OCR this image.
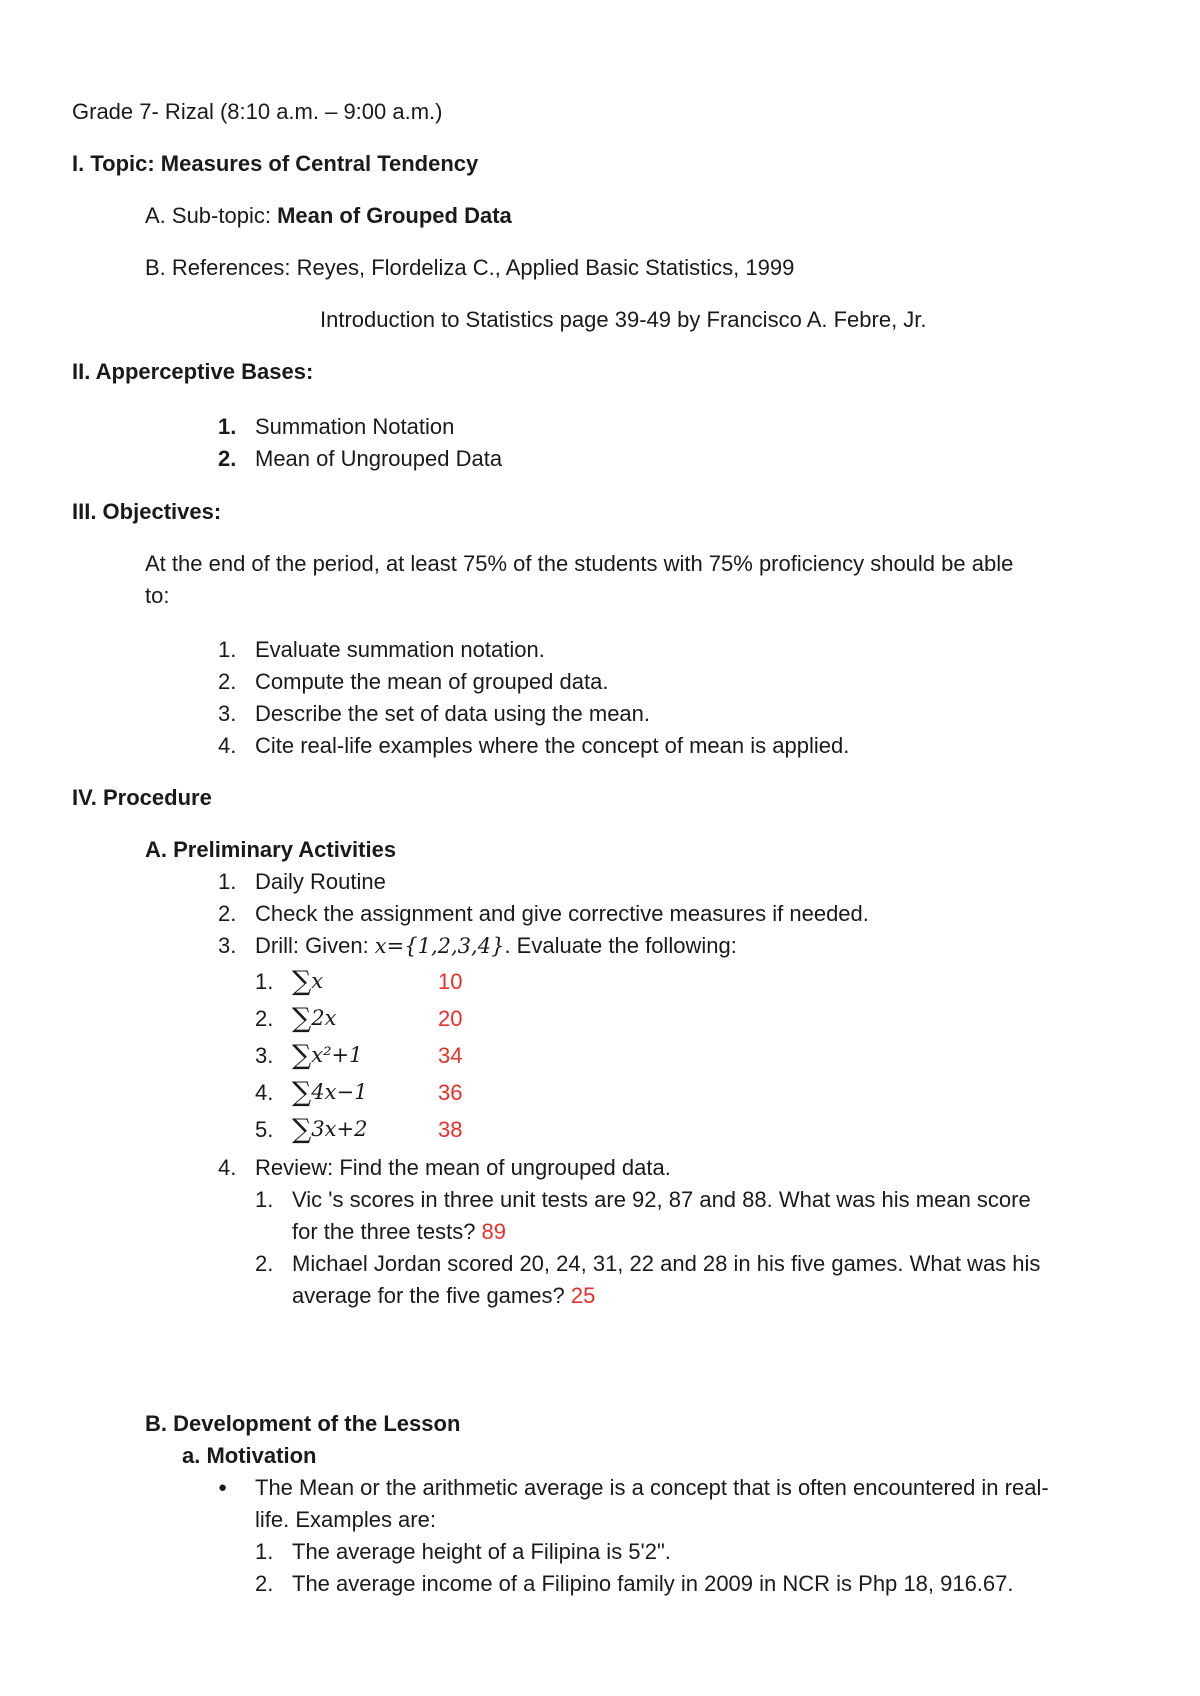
Grade 7- Rizal (8:10 a.m. – 9:00 a.m.)
I. Topic: Measures of Central Tendency
A. Sub-topic: Mean of Grouped Data
B. References: Reyes, Flordeliza C., Applied Basic Statistics, 1999
Introduction to Statistics page 39-49 by Francisco A. Febre, Jr.
II. Apperceptive Bases:
1. Summation Notation
2. Mean of Ungrouped Data
III. Objectives:
At the end of the period, at least 75% of the students with 75% proficiency should be able
to:
1. Evaluate summation notation.
2. Compute the mean of grouped data.
3. Describe the set of data using the mean.
4. Cite real-life examples where the concept of mean is applied.
IV. Procedure
A. Preliminary Activities
1. Daily Routine
2. Check the assignment and give corrective measures if needed.
3. Drill: Given: x={1,2,3,4}. Evaluate the following:
1. ∑x	10
2. ∑2x	20
3. ∑x²+1	34
4. ∑4x−1	36
5. ∑3x+2	38
4. Review: Find the mean of ungrouped data.
1. Vic 's scores in three unit tests are 92, 87 and 88. What was his mean score
for the three tests? 89
2. Michael Jordan scored 20, 24, 31, 22 and 28 in his five games. What was his
average for the five games? 25
B. Development of the Lesson
a. Motivation
● The Mean or the arithmetic average is a concept that is often encountered in real-
life. Examples are:
1. The average height of a Filipina is 5'2".
2. The average income of a Filipino family in 2009 in NCR is Php 18, 916.67.
